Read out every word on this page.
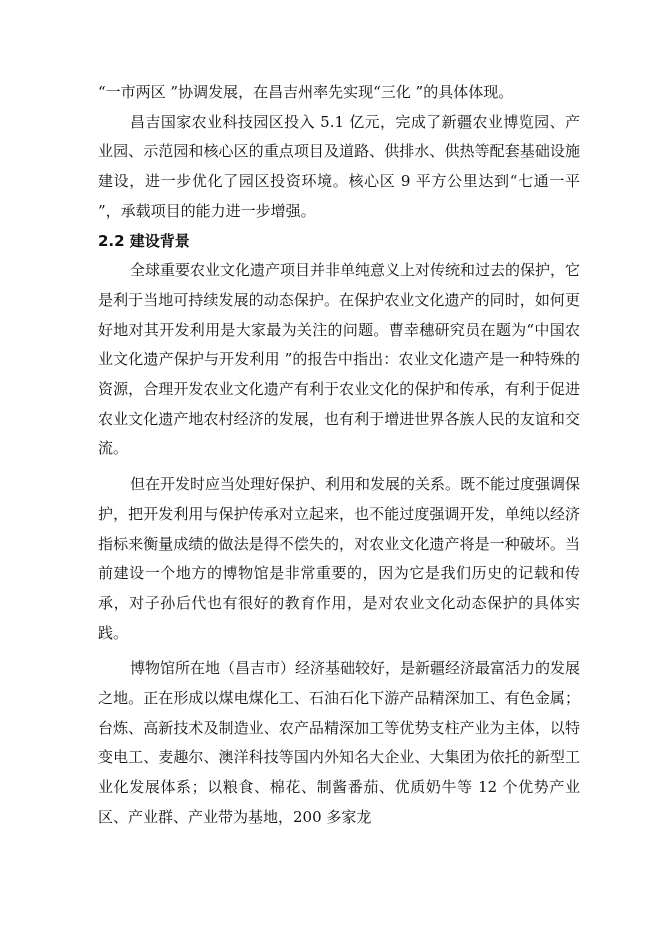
“一市两区 ”协调发展，在昌吉州率先实现“三化 ”的具体体现。

昌吉国家农业科技园区投入 5.1 亿元，完成了新疆农业博览园、产业园、示范园和核心区的重点项目及道路、供排水、供热等配套基础设施建设，进一步优化了园区投资环境。核心区 9 平方公里达到“七通一平 ”，承载项目的能力进一步增强。

2.2 建设背景

全球重要农业文化遗产项目并非单纯意义上对传统和过去的保护，它是利于当地可持续发展的动态保护。在保护农业文化遗产的同时，如何更好地对其开发利用是大家最为关注的问题。曹幸穗研究员在题为“中国农业文化遗产保护与开发利用 ”的报告中指出：农业文化遗产是一种特殊的资源，合理开发农业文化遗产有利于农业文化的保护和传承，有利于促进农业文化遗产地农村经济的发展，也有利于增进世界各族人民的友谊和交流。

但在开发时应当处理好保护、利用和发展的关系。既不能过度强调保护，把开发利用与保护传承对立起来，也不能过度强调开发，单纯以经济指标来衡量成绩的做法是得不偿失的，对农业文化遗产将是一种破坏。当前建设一个地方的博物馆是非常重要的，因为它是我们历史的记载和传承，对子孙后代也有很好的教育作用，是对农业文化动态保护的具体实践。

博物馆所在地（昌吉市）经济基础较好，是新疆经济最富活力的发展之地。正在形成以煤电煤化工、石油石化下游产品精深加工、有色金属；台炼、高新技术及制造业、农产品精深加工等优势支柱产业为主体，以特变电工、麦趣尔、澳洋科技等国内外知名大企业、大集团为依托的新型工业化发展体系；以粮食、棉花、制酱番茄、优质奶牛等 12 个优势产业区、产业群、产业带为基地，200 多家龙
